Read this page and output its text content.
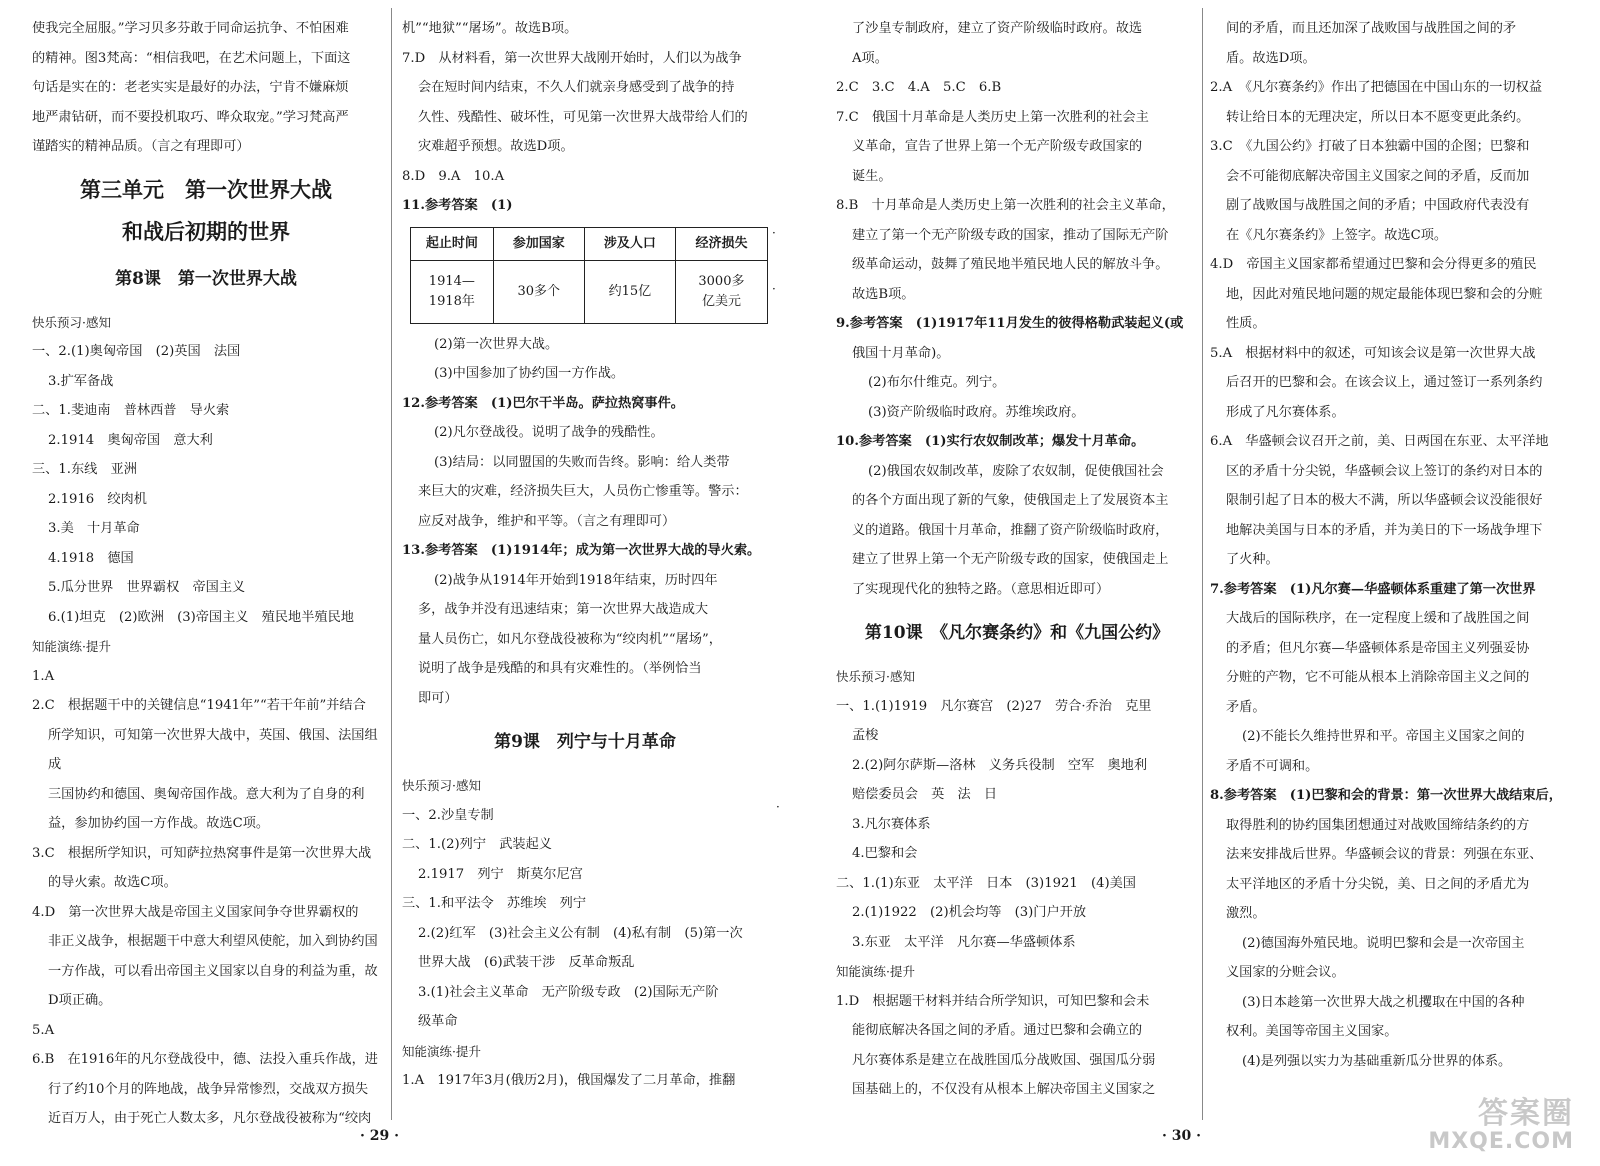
·
·
·

使我完全屈服。”学习贝多芬敢于同命运抗争、不怕困难

的精神。图3梵高：“相信我吧，在艺术问题上，下面这

句话是实在的：老老实实是最好的办法，宁肯不嫌麻烦

地严肃钻研，而不要投机取巧、哗众取宠。”学习梵高严

谨踏实的精神品质。（言之有理即可）

第三单元　第一次世界大战

和战后初期的世界

第8课　第一次世界大战

快乐预习·感知

一、2.(1)奥匈帝国　(2)英国　法国

3.扩军备战

二、1.斐迪南　普林西普　导火索

2.1914　奥匈帝国　意大利

三、1.东线　亚洲

2.1916　绞肉机

3.美　十月革命

4.1918　德国

5.瓜分世界　世界霸权　帝国主义

6.(1)坦克　(2)欧洲　(3)帝国主义　殖民地半殖民地

知能演练·提升

1.A

2.C　根据题干中的关键信息“1941年”“若干年前”并结合

所学知识，可知第一次世界大战中，英国、俄国、法国组成

三国协约和德国、奥匈帝国作战。意大利为了自身的利

益，参加协约国一方作战。故选C项。

3.C　根据所学知识，可知萨拉热窝事件是第一次世界大战

的导火索。故选C项。

4.D　第一次世界大战是帝国主义国家间争夺世界霸权的

非正义战争，根据题干中意大利望风使舵，加入到协约国

一方作战，可以看出帝国主义国家以自身的利益为重，故

D项正确。

5.A

6.B　在1916年的凡尔登战役中，德、法投入重兵作战，进

行了约10个月的阵地战，战争异常惨烈，交战双方损失

近百万人，由于死亡人数太多，凡尔登战役被称为“绞肉

机”“地狱”“屠场”。故选B项。

7.D　从材料看，第一次世界大战刚开始时，人们以为战争

会在短时间内结束，不久人们就亲身感受到了战争的持

久性、残酷性、破坏性，可见第一次世界大战带给人们的

灾难超乎预想。故选D项。

8.D　9.A　10.A

11.参考答案　(1)

起止时间	参加国家	涉及人口	经济损失
1914—
1918年	30多个	约15亿	3000多
亿美元

(2)第一次世界大战。

(3)中国参加了协约国一方作战。

12.参考答案　(1)巴尔干半岛。萨拉热窝事件。

(2)凡尔登战役。说明了战争的残酷性。

(3)结局：以同盟国的失败而告终。影响：给人类带

来巨大的灾难，经济损失巨大，人员伤亡惨重等。警示：

应反对战争，维护和平等。（言之有理即可）

13.参考答案　(1)1914年；成为第一次世界大战的导火索。

(2)战争从1914年开始到1918年结束，历时四年

多，战争并没有迅速结束；第一次世界大战造成大

量人员伤亡，如凡尔登战役被称为“绞肉机”“屠场”，

说明了战争是残酷的和具有灾难性的。（举例恰当

即可）

第9课　列宁与十月革命

快乐预习·感知

一、2.沙皇专制

二、1.(2)列宁　武装起义

2.1917　列宁　斯莫尔尼宫

三、1.和平法令　苏维埃　列宁

2.(2)红军　(3)社会主义公有制　(4)私有制　(5)第一次

世界大战　(6)武装干涉　反革命叛乱

3.(1)社会主义革命　无产阶级专政　(2)国际无产阶

级革命

知能演练·提升

1.A　1917年3月(俄历2月)，俄国爆发了二月革命，推翻

了沙皇专制政府，建立了资产阶级临时政府。故选

A项。

2.C　3.C　4.A　5.C　6.B

7.C　俄国十月革命是人类历史上第一次胜利的社会主

义革命，宣告了世界上第一个无产阶级专政国家的

诞生。

8.B　十月革命是人类历史上第一次胜利的社会主义革命，

建立了第一个无产阶级专政的国家，推动了国际无产阶

级革命运动，鼓舞了殖民地半殖民地人民的解放斗争。

故选B项。

9.参考答案　(1)1917年11月发生的彼得格勒武装起义(或

俄国十月革命)。

(2)布尔什维克。列宁。

(3)资产阶级临时政府。苏维埃政府。

10.参考答案　(1)实行农奴制改革；爆发十月革命。

(2)俄国农奴制改革，废除了农奴制，促使俄国社会

的各个方面出现了新的气象，使俄国走上了发展资本主

义的道路。俄国十月革命，推翻了资产阶级临时政府，

建立了世界上第一个无产阶级专政的国家，使俄国走上

了实现现代化的独特之路。（意思相近即可）

第10课　《凡尔赛条约》和《九国公约》

快乐预习·感知

一、1.(1)1919　凡尔赛宫　(2)27　劳合·乔治　克里

孟梭

2.(2)阿尔萨斯—洛林　义务兵役制　空军　奥地利

赔偿委员会　英　法　日

3.凡尔赛体系

4.巴黎和会

二、1.(1)东亚　太平洋　日本　(3)1921　(4)美国

2.(1)1922　(2)机会均等　(3)门户开放

3.东亚　太平洋　凡尔赛—华盛顿体系

知能演练·提升

1.D　根据题干材料并结合所学知识，可知巴黎和会未

能彻底解决各国之间的矛盾。通过巴黎和会确立的

凡尔赛体系是建立在战胜国瓜分战败国、强国瓜分弱

国基础上的，不仅没有从根本上解决帝国主义国家之

间的矛盾，而且还加深了战败国与战胜国之间的矛

盾。故选D项。

2.A　《凡尔赛条约》作出了把德国在中国山东的一切权益

转让给日本的无理决定，所以日本不愿变更此条约。

3.C　《九国公约》打破了日本独霸中国的企图；巴黎和

会不可能彻底解决帝国主义国家之间的矛盾，反而加

剧了战败国与战胜国之间的矛盾；中国政府代表没有

在《凡尔赛条约》上签字。故选C项。

4.D　帝国主义国家都希望通过巴黎和会分得更多的殖民

地，因此对殖民地问题的规定最能体现巴黎和会的分赃

性质。

5.A　根据材料中的叙述，可知该会议是第一次世界大战

后召开的巴黎和会。在该会议上，通过签订一系列条约

形成了凡尔赛体系。

6.A　华盛顿会议召开之前，美、日两国在东亚、太平洋地

区的矛盾十分尖锐，华盛顿会议上签订的条约对日本的

限制引起了日本的极大不满，所以华盛顿会议没能很好

地解决美国与日本的矛盾，并为美日的下一场战争埋下

了火种。

7.参考答案　(1)凡尔赛—华盛顿体系重建了第一次世界

大战后的国际秩序，在一定程度上缓和了战胜国之间

的矛盾；但凡尔赛—华盛顿体系是帝国主义列强妥协

分赃的产物，它不可能从根本上消除帝国主义之间的

矛盾。

(2)不能长久维持世界和平。帝国主义国家之间的

矛盾不可调和。

8.参考答案　(1)巴黎和会的背景：第一次世界大战结束后，

取得胜利的协约国集团想通过对战败国缔结条约的方

法来安排战后世界。华盛顿会议的背景：列强在东亚、

太平洋地区的矛盾十分尖锐，美、日之间的矛盾尤为

激烈。

(2)德国海外殖民地。说明巴黎和会是一次帝国主

义国家的分赃会议。

(3)日本趁第一次世界大战之机攫取在中国的各种

权利。美国等帝国主义国家。

(4)是列强以实力为基础重新瓜分世界的体系。

· 29 ·	· 30 ·
答案圈
MXQE.COM
